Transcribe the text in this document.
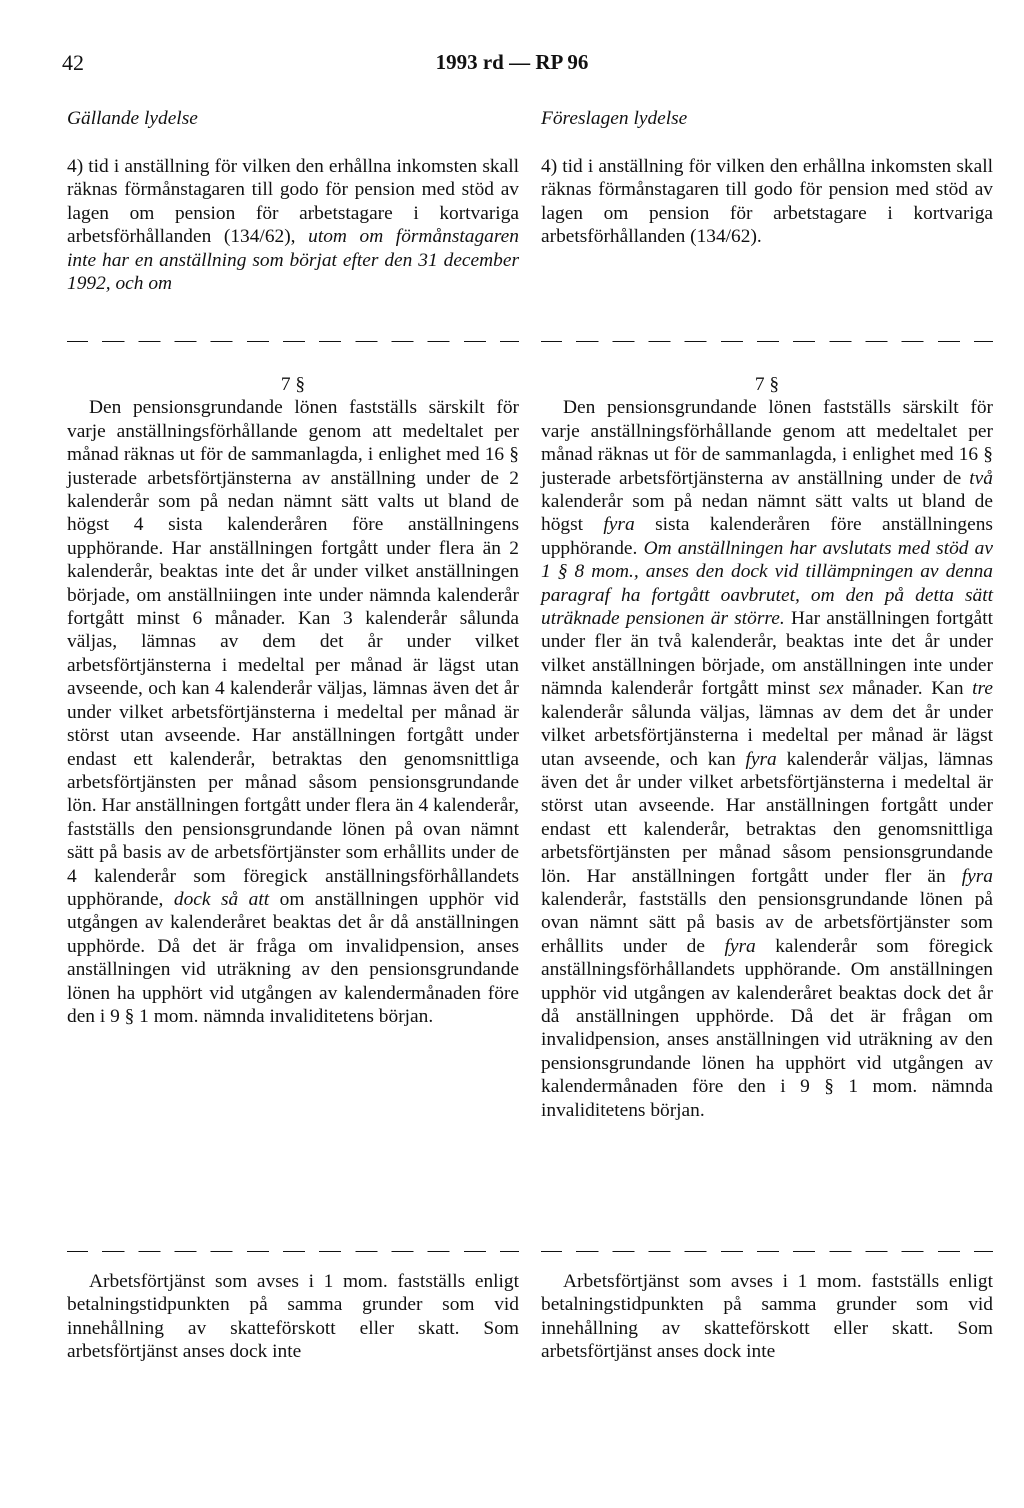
42	1993 rd — RP 96
Gällande lydelse	Föreslagen lydelse

4) tid i anställning för vilken den erhållna inkomsten skall räknas förmånstagaren till godo för pension med stöd av lagen om pension för arbetstagare i kortvariga arbetsförhållanden (134/62), utom om förmånstagaren inte har en anställning som börjat efter den 31 december 1992, och om

4) tid i anställning för vilken den erhållna inkomsten skall räknas förmånstagaren till godo för pension med stöd av lagen om pension för arbetstagare i kortvariga arbetsförhållanden (134/62).

7 §

Den pensionsgrundande lönen fastställs särskilt för varje anställningsförhållande genom att medeltalet per månad räknas ut för de sammanlagda, i enlighet med 16 § justerade arbetsförtjänsterna av anställning under de 2 kalenderår som på nedan nämnt sätt valts ut bland de högst 4 sista kalenderåren före anställningens upphörande. Har anställningen fortgått under flera än 2 kalenderår, beaktas inte det år under vilket anställningen började, om anställniingen inte under nämnda kalenderår fortgått minst 6 månader. Kan 3 kalenderår sålunda väljas, lämnas av dem det år under vilket arbetsförtjänsterna i medeltal per månad är lägst utan avseende, och kan 4 kalenderår väljas, lämnas även det år under vilket arbetsförtjänsterna i medeltal per månad är störst utan avseende. Har anställningen fortgått under endast ett kalenderår, betraktas den genomsnittliga arbetsförtjänsten per månad såsom pensionsgrundande lön. Har anställningen fortgått under flera än 4 kalenderår, fastställs den pensionsgrundande lönen på ovan nämnt sätt på basis av de arbetsförtjänster som erhållits under de 4 kalenderår som föregick anställningsförhållandets upphörande, dock så att om anställningen upphör vid utgången av kalenderåret beaktas det år då anställningen upphörde. Då det är fråga om invalidpension, anses anställningen vid uträkning av den pensionsgrundande lönen ha upphört vid utgången av kalendermånaden före den i 9 § 1 mom. nämnda invaliditetens början.

7 §

Den pensionsgrundande lönen fastställs särskilt för varje anställningsförhållande genom att medeltalet per månad räknas ut för de sammanlagda, i enlighet med 16 § justerade arbetsförtjänsterna av anställning under de två kalenderår som på nedan nämnt sätt valts ut bland de högst fyra sista kalenderåren före anställningens upphörande. Om anställningen har avslutats med stöd av 1 § 8 mom., anses den dock vid tillämpningen av denna paragraf ha fortgått oavbrutet, om den på detta sätt uträknade pensionen är större. Har anställningen fortgått under fler än två kalenderår, beaktas inte det år under vilket anställningen började, om anställningen inte under nämnda kalenderår fortgått minst sex månader. Kan tre kalenderår sålunda väljas, lämnas av dem det år under vilket arbetsförtjänsterna i medeltal per månad är lägst utan avseende, och kan fyra kalenderår väljas, lämnas även det år under vilket arbetsförtjänsterna i medeltal är störst utan avseende. Har anställningen fortgått under endast ett kalenderår, betraktas den genomsnittliga arbetsförtjänsten per månad såsom pensionsgrundande lön. Har anställningen fortgått under fler än fyra kalenderår, fastställs den pensionsgrundande lönen på ovan nämnt sätt på basis av de arbetsförtjänster som erhållits under de fyra kalenderår som föregick anställningsförhållandets upphörande. Om anställningen upphör vid utgången av kalenderåret beaktas dock det år då anställningen upphörde. Då det är frågan om invalidpension, anses anställningen vid uträkning av den pensionsgrundande lönen ha upphört vid utgången av kalendermånaden före den i 9 § 1 mom. nämnda invaliditetens början.

Arbetsförtjänst som avses i 1 mom. fastställs enligt betalningstidpunkten på samma grunder som vid innehållning av skatteförskott eller skatt. Som arbetsförtjänst anses dock inte

Arbetsförtjänst som avses i 1 mom. fastställs enligt betalningstidpunkten på samma grunder som vid innehållning av skatteförskott eller skatt. Som arbetsförtjänst anses dock inte
